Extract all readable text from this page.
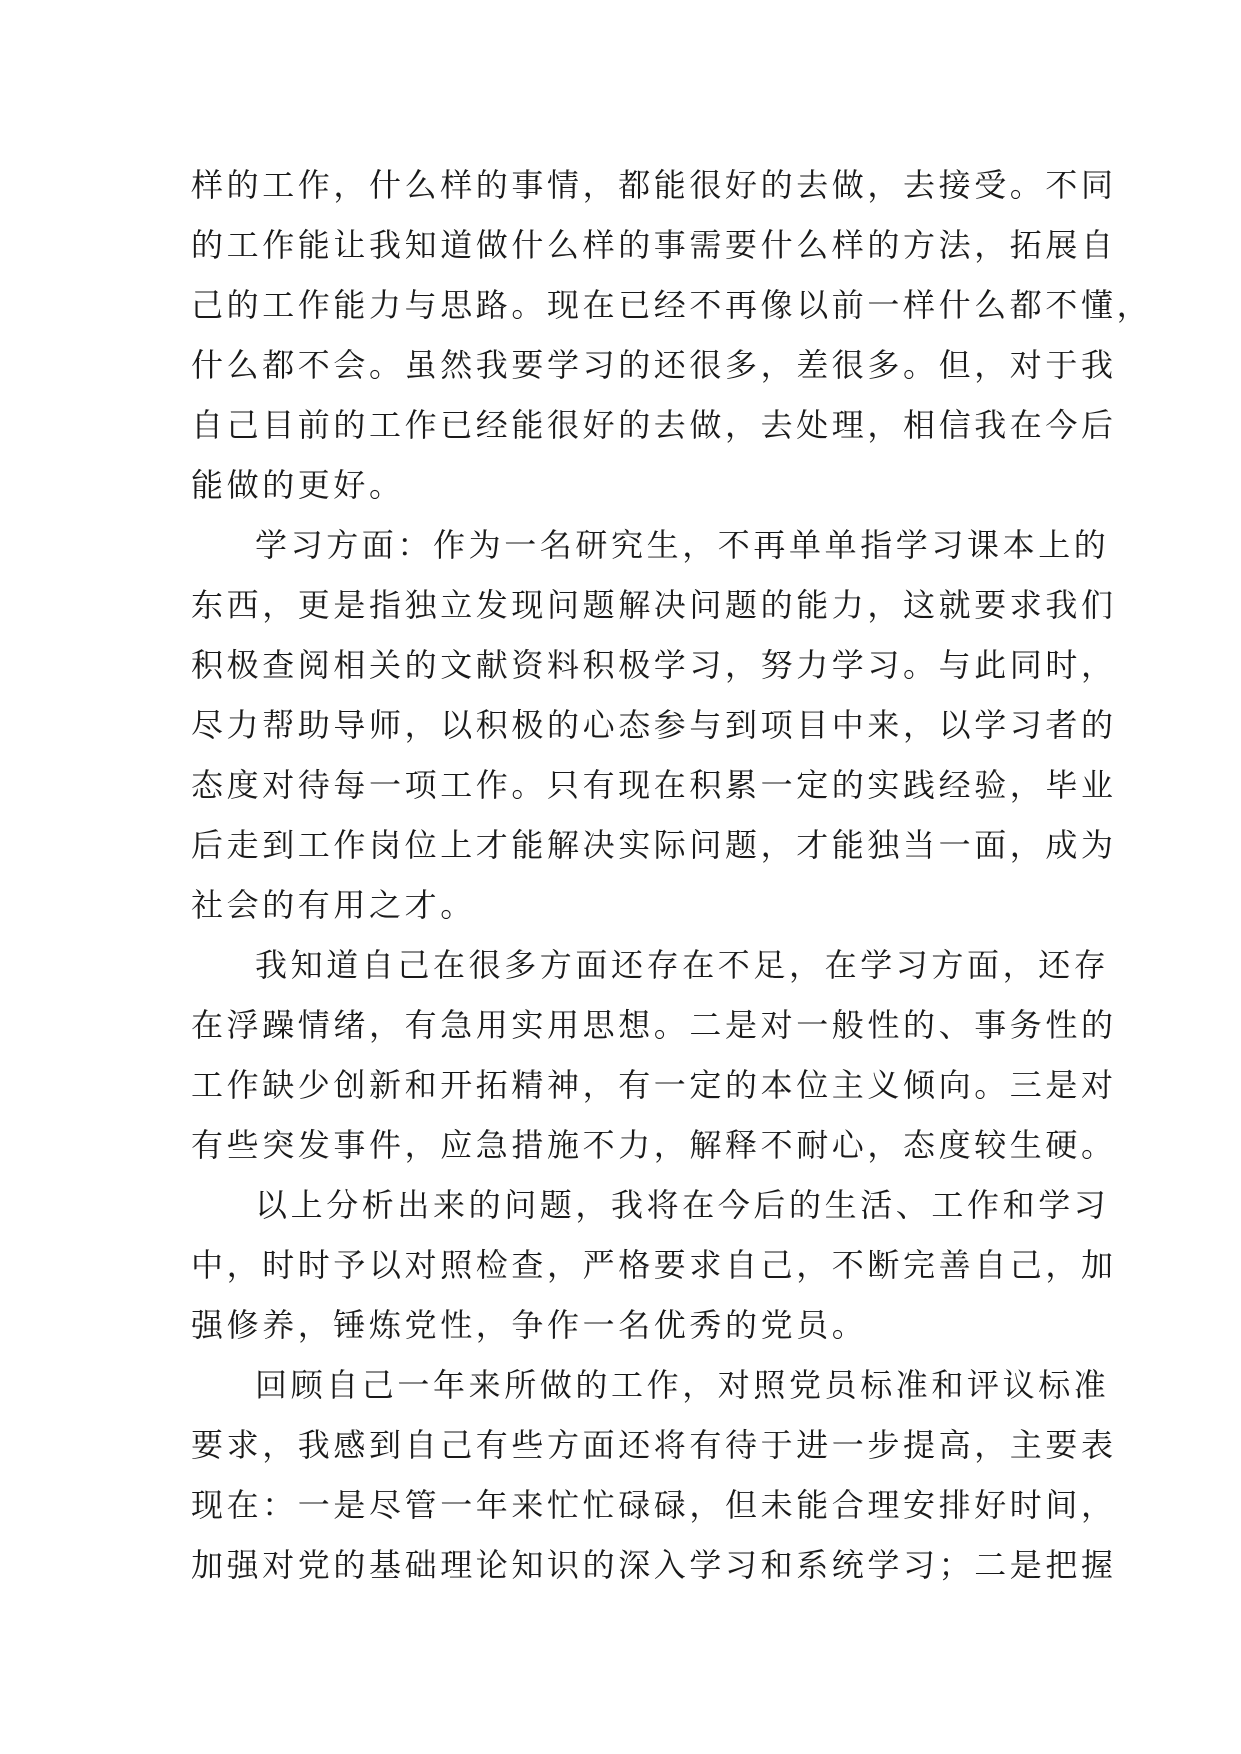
样的工作，什么样的事情，都能很好的去做，去接受。不同
的工作能让我知道做什么样的事需要什么样的方法，拓展自
己的工作能力与思路。现在已经不再像以前一样什么都不懂，
什么都不会。虽然我要学习的还很多，差很多。但，对于我
自己目前的工作已经能很好的去做，去处理，相信我在今后
能做的更好。
学习方面：作为一名研究生，不再单单指学习课本上的
东西，更是指独立发现问题解决问题的能力，这就要求我们
积极查阅相关的文献资料积极学习，努力学习。与此同时，
尽力帮助导师，以积极的心态参与到项目中来，以学习者的
态度对待每一项工作。只有现在积累一定的实践经验，毕业
后走到工作岗位上才能解决实际问题，才能独当一面，成为
社会的有用之才。
我知道自己在很多方面还存在不足，在学习方面，还存
在浮躁情绪，有急用实用思想。二是对一般性的、事务性的
工作缺少创新和开拓精神，有一定的本位主义倾向。三是对
有些突发事件，应急措施不力，解释不耐心，态度较生硬。
以上分析出来的问题，我将在今后的生活、工作和学习
中，时时予以对照检查，严格要求自己，不断完善自己，加
强修养，锤炼党性，争作一名优秀的党员。
回顾自己一年来所做的工作，对照党员标准和评议标准
要求，我感到自己有些方面还将有待于进一步提高，主要表
现在：一是尽管一年来忙忙碌碌，但未能合理安排好时间，
加强对党的基础理论知识的深入学习和系统学习；二是把握
